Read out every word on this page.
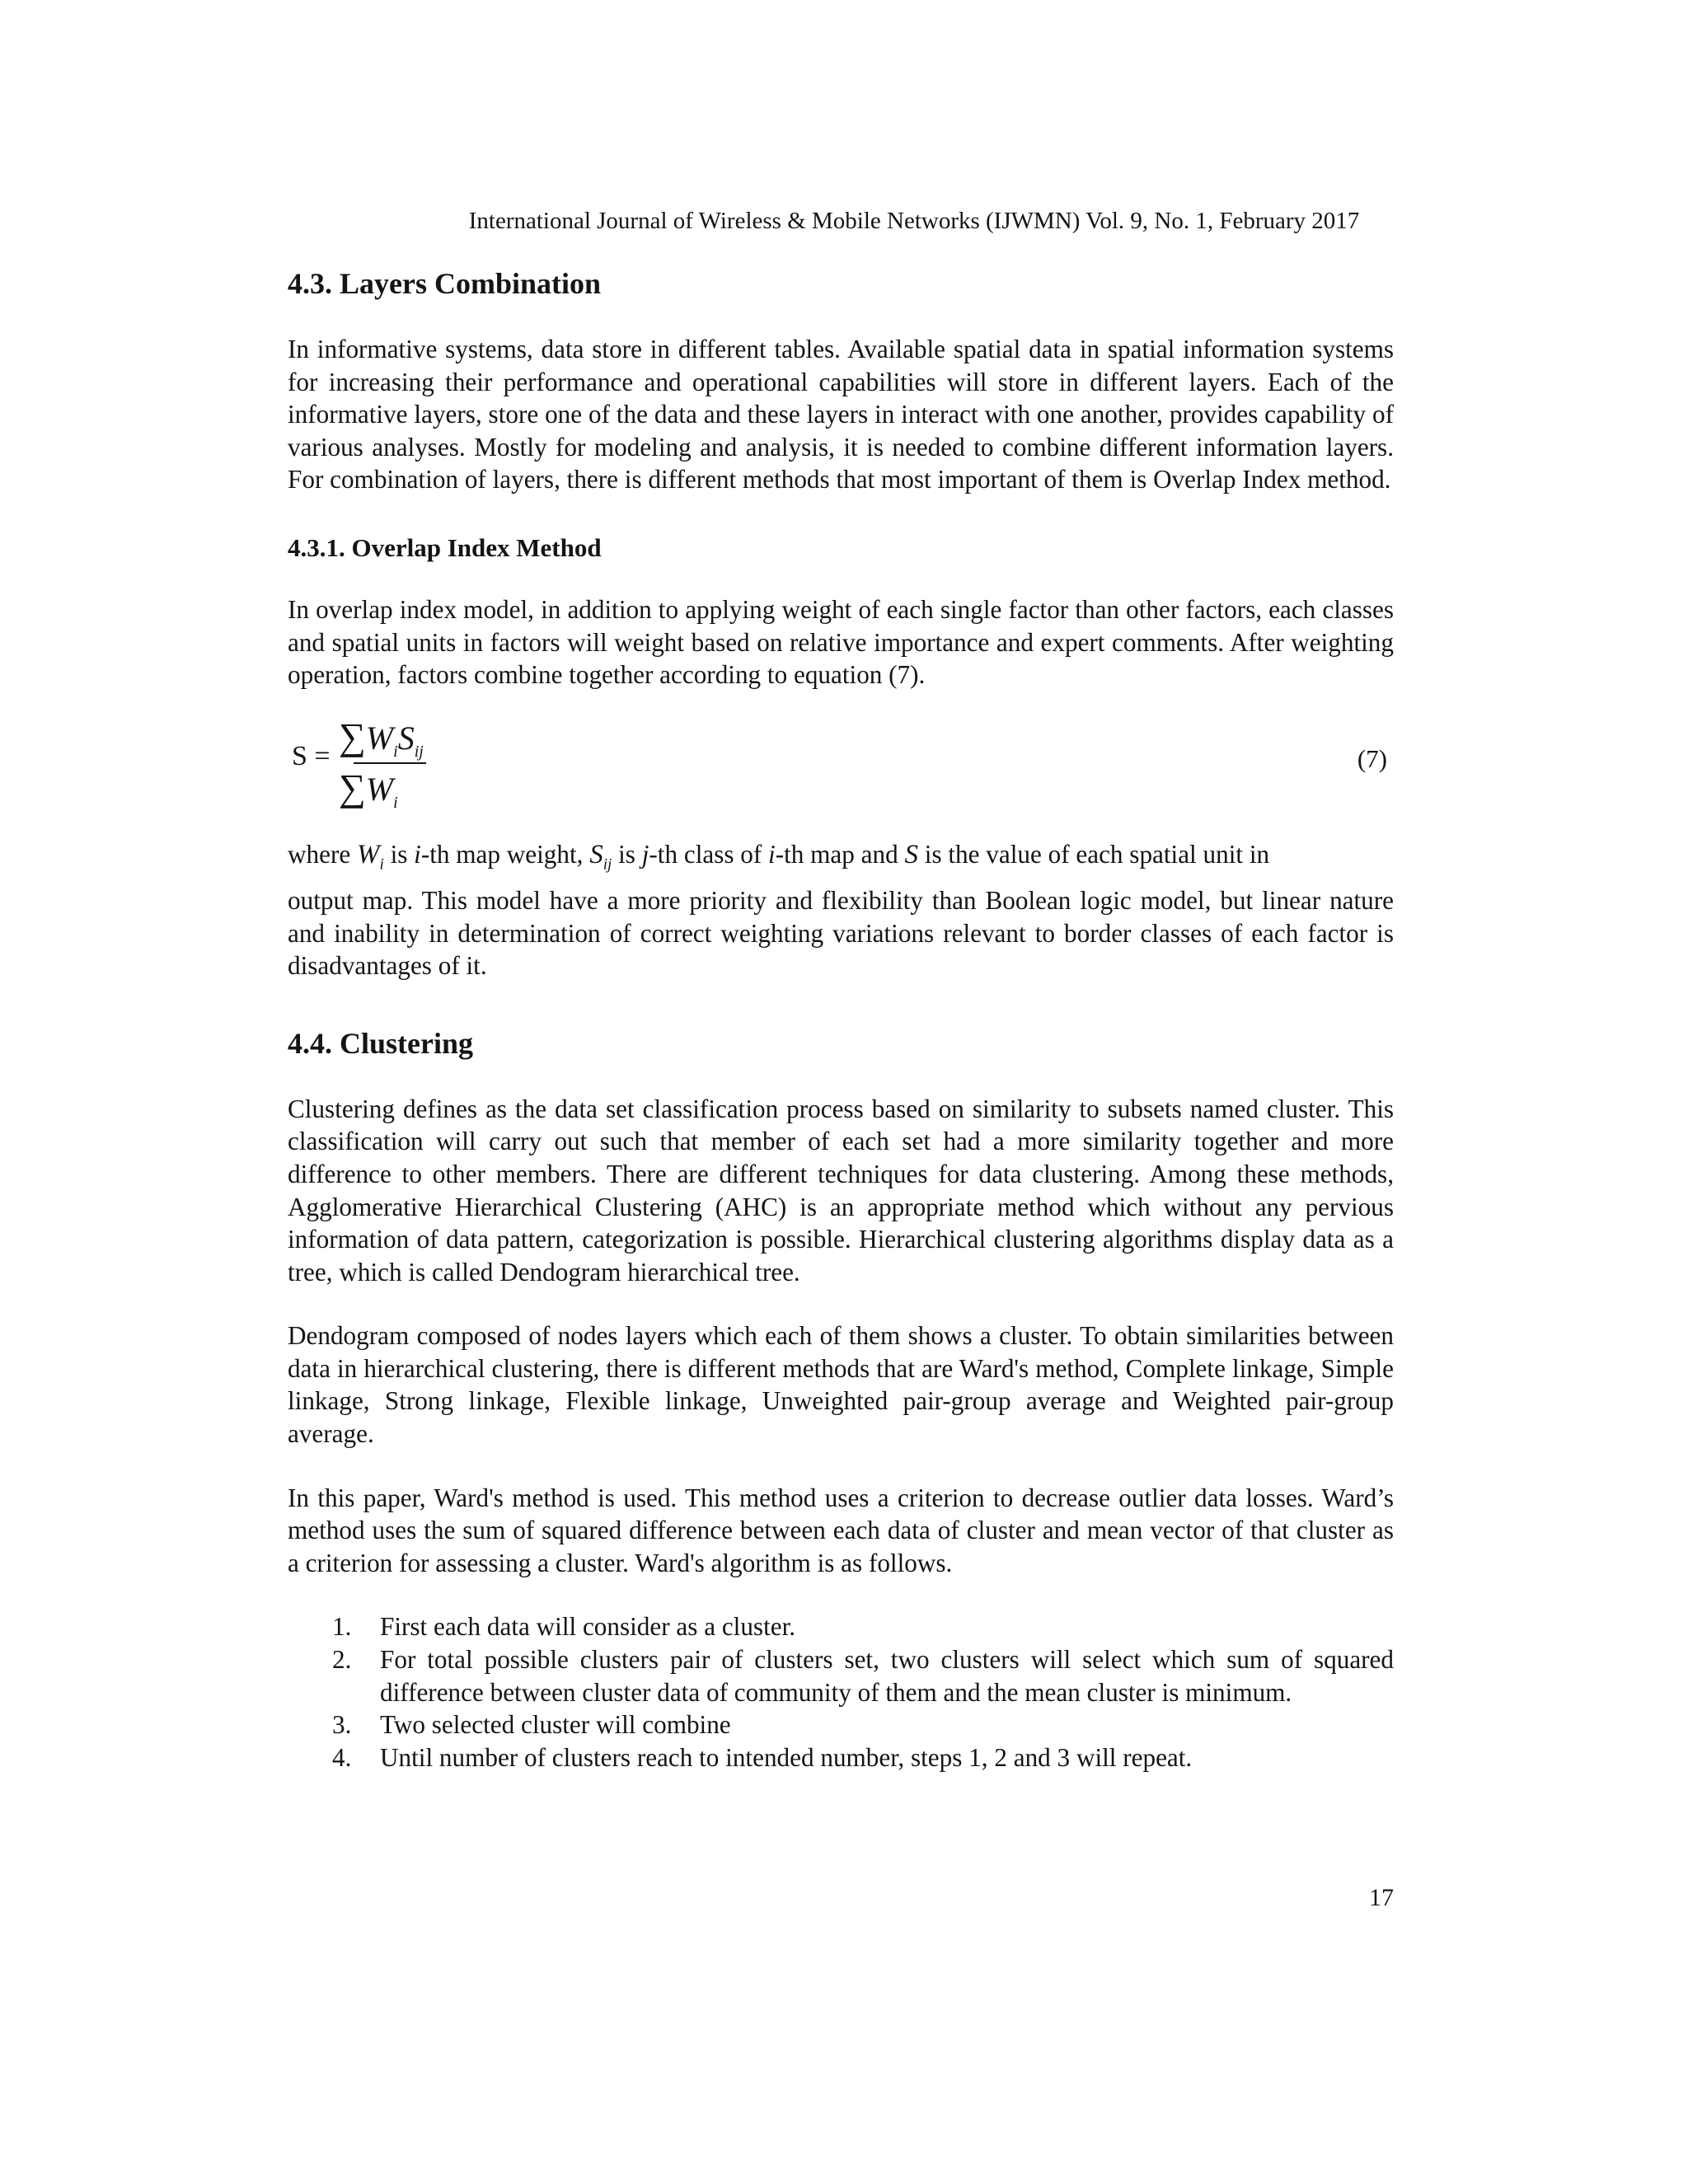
International Journal of Wireless & Mobile Networks (IJWMN) Vol. 9, No. 1, February 2017
4.3. Layers Combination

In informative systems, data store in different tables. Available spatial data in spatial information systems for increasing their performance and operational capabilities will store in different layers. Each of the informative layers, store one of the data and these layers in interact with one another, provides capability of various analyses. Mostly for modeling and analysis, it is needed to combine different information layers. For combination of layers, there is different methods that most important of them is Overlap Index method.

4.3.1. Overlap Index Method

In overlap index model, in addition to applying weight of each single factor than other factors, each classes and spatial units in factors will weight based on relative importance and expert comments. After weighting operation, factors combine together according to equation (7).

$S = \sum W_iS_{ij}$
$\sum W_i$
(7)

where $W_i$ is i-th map weight, $S_{ij}$ is j-th class of i-th map and S is the value of each spatial unit in

output map. This model have a more priority and flexibility than Boolean logic model, but linear nature and inability in determination of correct weighting variations relevant to border classes of each factor is disadvantages of it.

4.4. Clustering

Clustering defines as the data set classification process based on similarity to subsets named cluster. This classification will carry out such that member of each set had a more similarity together and more difference to other members. There are different techniques for data clustering. Among these methods, Agglomerative Hierarchical Clustering (AHC) is an appropriate method which without any pervious information of data pattern, categorization is possible. Hierarchical clustering algorithms display data as a tree, which is called Dendogram hierarchical tree.

Dendogram composed of nodes layers which each of them shows a cluster. To obtain similarities between data in hierarchical clustering, there is different methods that are Ward's method, Complete linkage, Simple linkage, Strong linkage, Flexible linkage, Unweighted pair-group average and Weighted pair-group average.

In this paper, Ward's method is used. This method uses a criterion to decrease outlier data losses. Ward’s method uses the sum of squared difference between each data of cluster and mean vector of that cluster as a criterion for assessing a cluster. Ward's algorithm is as follows.

1. First each data will consider as a cluster.
2. For total possible clusters pair of clusters set, two clusters will select which sum of squared difference between cluster data of community of them and the mean cluster is minimum.
3. Two selected cluster will combine
4. Until number of clusters reach to intended number, steps 1, 2 and 3 will repeat.
17
